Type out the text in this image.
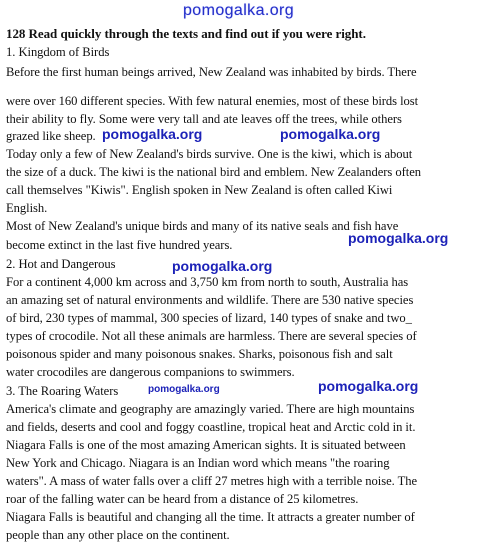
pomogalka.org
pomogalka.org	pomogalka.org
pomogalka.org
pomogalka.org
pomogalka.org	pomogalka.org
128 Read quickly through the texts and find out if you were right.
1. Kingdom of Birds
Before the first human beings arrived, New Zealand was inhabited by birds. There
were over 160 different species. With few natural enemies, most of these birds lost
their ability to fly. Some were very tall and ate leaves off the trees, while others
grazed like sheep.
Today only a few of New Zealand's birds survive. One is the kiwi, which is about
the size of a duck. The kiwi is the national bird and emblem. New Zealanders often
call themselves "Kiwis". English spoken in New Zealand is often called Kiwi
English.
Most of New Zealand's unique birds and many of its native seals and fish have
become extinct in the last five hundred years.
2. Hot and Dangerous
For a continent 4,000 km across and 3,750 km from north to south, Australia has
an amazing set of natural environments and wildlife. There are 530 native species
of bird, 230 types of mammal, 300 species of lizard, 140 types of snake and two_
types of crocodile. Not all these animals are harmless. There are several species of
poisonous spider and many poisonous snakes. Sharks, poisonous fish and salt
water crocodiles are dangerous companions to swimmers.
3. The Roaring Waters
America's climate and geography are amazingly varied. There are high mountains
and fields, deserts and cool and foggy coastline, tropical heat and Arctic cold in it.
Niagara Falls is one of the most amazing American sights. It is situated between
New York and Chicago. Niagara is an Indian word which means "the roaring
waters". A mass of water falls over a cliff 27 metres high with a terrible noise. The
roar of the falling water can be heard from a distance of 25 kilometres.
Niagara Falls is beautiful and changing all the time. It attracts a greater number of
people than any other place on the continent.
